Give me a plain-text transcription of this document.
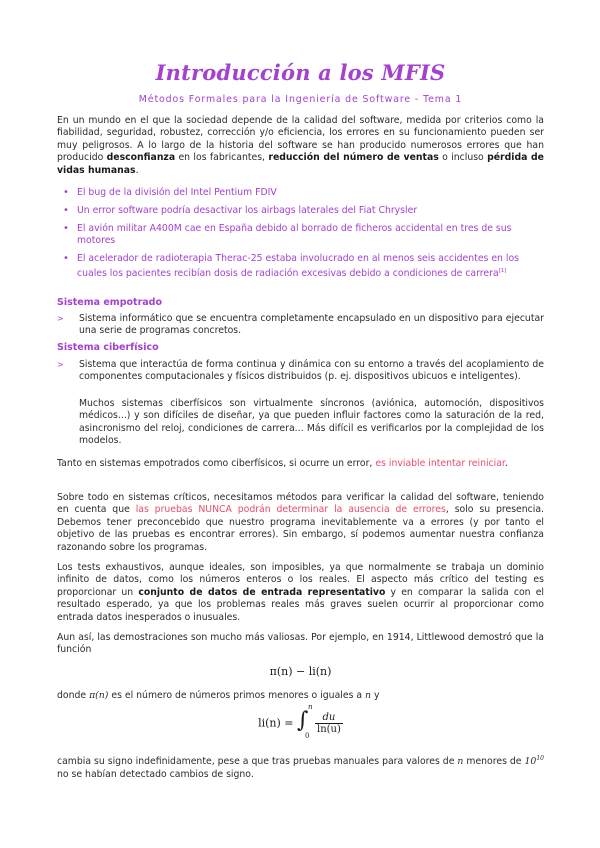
Introducción a los MFIS
Métodos Formales para la Ingeniería de Software - Tema 1

En un mundo en el que la sociedad depende de la calidad del software, medida por criterios como la fiabilidad, seguridad, robustez, corrección y/o eficiencia, los errores en su funcionamiento pueden ser muy peligrosos. A lo largo de la historia del software se han producido numerosos errores que han producido desconfianza en los fabricantes, reducción del número de ventas o incluso pérdida de vidas humanas.

• El bug de la división del Intel Pentium FDIV

• Un error software podría desactivar los airbags laterales del Fiat Chrysler

• El avión militar A400M cae en España debido al borrado de ficheros accidental en tres de sus motores

• El acelerador de radioterapia Therac-25 estaba involucrado en al menos seis accidentes en los cuales los pacientes recibían dosis de radiación excesivas debido a condiciones de carrera[1]

Sistema empotrado

> Sistema informático que se encuentra completamente encapsulado en un dispositivo para ejecutar una serie de programas concretos.

Sistema ciberfísico

> Sistema que interactúa de forma continua y dinámica con su entorno a través del acoplamiento de componentes computacionales y físicos distribuidos (p. ej. dispositivos ubicuos e inteligentes).

Muchos sistemas ciberfísicos son virtualmente síncronos (aviónica, automoción, dispositivos médicos...) y son difíciles de diseñar, ya que pueden influir factores como la saturación de la red, asincronismo del reloj, condiciones de carrera... Más difícil es verificarlos por la complejidad de los modelos.

Tanto en sistemas empotrados como ciberfísicos, si ocurre un error, es inviable intentar reiniciar.

Sobre todo en sistemas críticos, necesitamos métodos para verificar la calidad del software, teniendo en cuenta que las pruebas NUNCA podrán determinar la ausencia de errores, solo su presencia. Debemos tener preconcebido que nuestro programa inevitablemente va a errores (y por tanto el objetivo de las pruebas es encontrar errores). Sin embargo, sí podemos aumentar nuestra confianza razonando sobre los programas.

Los tests exhaustivos, aunque ideales, son imposibles, ya que normalmente se trabaja un dominio infinito de datos, como los números enteros o los reales. El aspecto más crítico del testing es proporcionar un conjunto de datos de entrada representativo y en comparar la salida con el resultado esperado, ya que los problemas reales más graves suelen ocurrir al proporcionar como entrada datos inesperados o inusuales.

Aun así, las demostraciones son mucho más valiosas. Por ejemplo, en 1914, Littlewood demostró que la función

π(n) − li(n)

donde π(n) es el número de números primos menores o iguales a n y

li(n) = ∫
n
0
$\frac{du}{\ln(u)}$

cambia su signo indefinidamente, pese a que tras pruebas manuales para valores de n menores de $10^{10}$ no se habían detectado cambios de signo.
